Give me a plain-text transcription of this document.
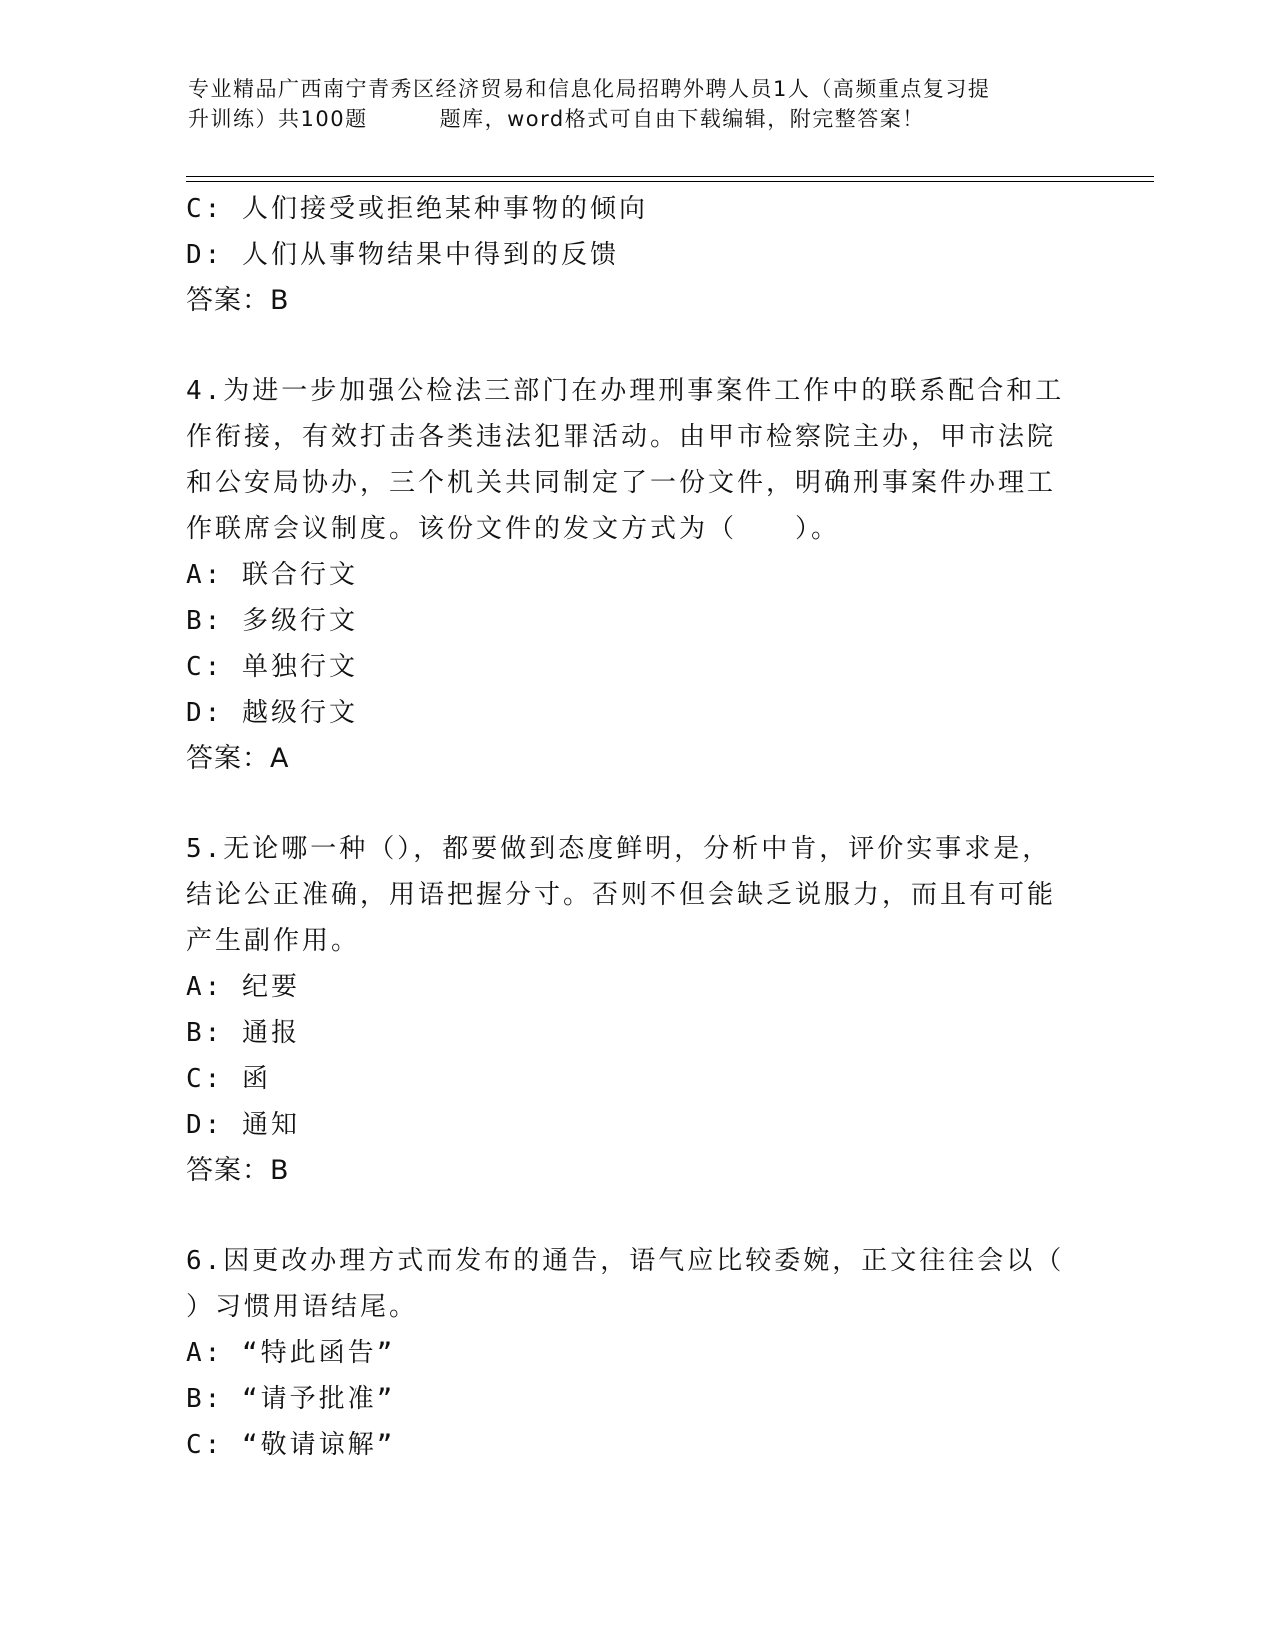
专业精品广西南宁青秀区经济贸易和信息化局招聘外聘人员1人（高频重点复习提
升训练）共100题	题库，word格式可自由下载编辑，附完整答案！
C: 人们接受或拒绝某种事物的倾向
D: 人们从事物结果中得到的反馈
答案：B
4.为进一步加强公检法三部门在办理刑事案件工作中的联系配合和工
作衔接，有效打击各类违法犯罪活动。由甲市检察院主办，甲市法院
和公安局协办，三个机关共同制定了一份文件，明确刑事案件办理工
作联席会议制度。该份文件的发文方式为（　　）。
A: 联合行文
B: 多级行文
C: 单独行文
D: 越级行文
答案：A
5.无论哪一种（），都要做到态度鲜明，分析中肯，评价实事求是，
结论公正准确，用语把握分寸。否则不但会缺乏说服力，而且有可能
产生副作用。
A: 纪要
B: 通报
C: 函
D: 通知
答案：B
6.因更改办理方式而发布的通告，语气应比较委婉，正文往往会以（
）习惯用语结尾。
A: “特此函告”
B: “请予批准”
C: “敬请谅解”
